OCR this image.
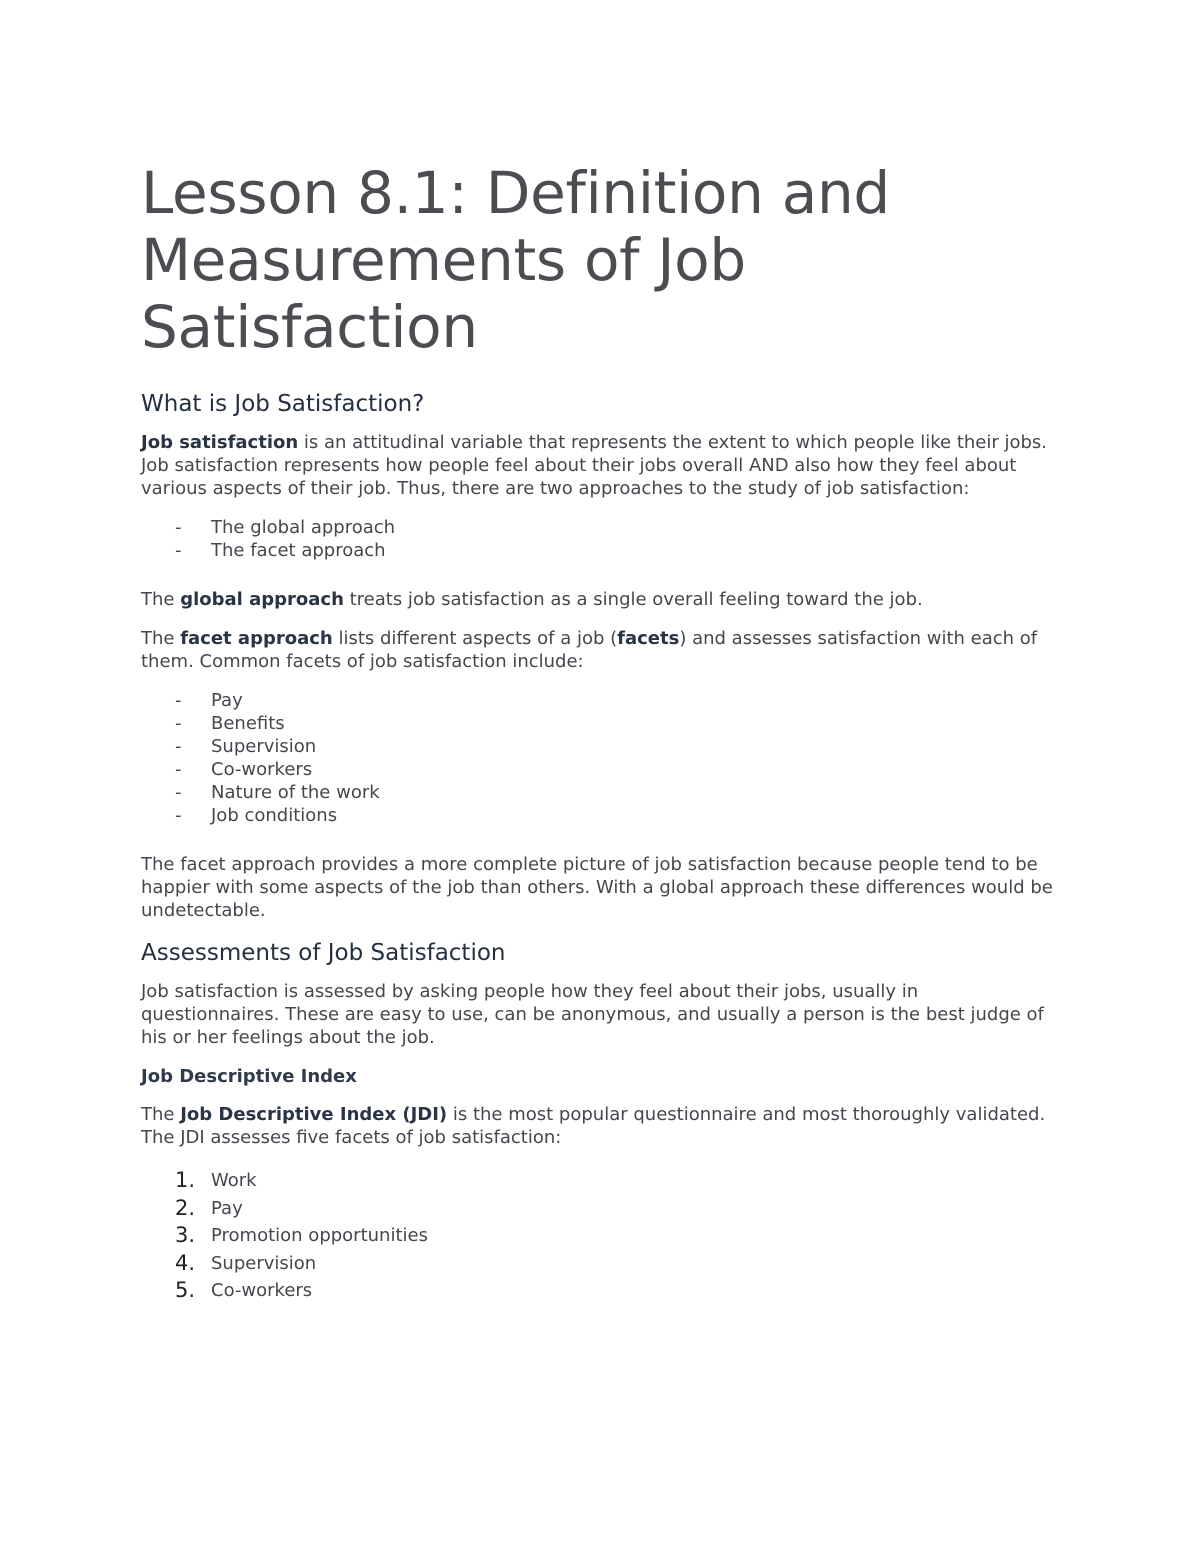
Lesson 8.1: Definition and Measurements of Job Satisfaction
What is Job Satisfaction?

Job satisfaction is an attitudinal variable that represents the extent to which people like their jobs. Job satisfaction represents how people feel about their jobs overall AND also how they feel about various aspects of their job. Thus, there are two approaches to the study of job satisfaction:

- The global approach
- The facet approach

The global approach treats job satisfaction as a single overall feeling toward the job.

The facet approach lists different aspects of a job (facets) and assesses satisfaction with each of them. Common facets of job satisfaction include:

- Pay
- Benefits
- Supervision
- Co-workers
- Nature of the work
- Job conditions

The facet approach provides a more complete picture of job satisfaction because people tend to be happier with some aspects of the job than others. With a global approach these differences would be undetectable.

Assessments of Job Satisfaction

Job satisfaction is assessed by asking people how they feel about their jobs, usually in questionnaires. These are easy to use, can be anonymous, and usually a person is the best judge of his or her feelings about the job.

Job Descriptive Index

The Job Descriptive Index (JDI) is the most popular questionnaire and most thoroughly validated. The JDI assesses five facets of job satisfaction:

1. Work
2. Pay
3. Promotion opportunities
4. Supervision
5. Co-workers
